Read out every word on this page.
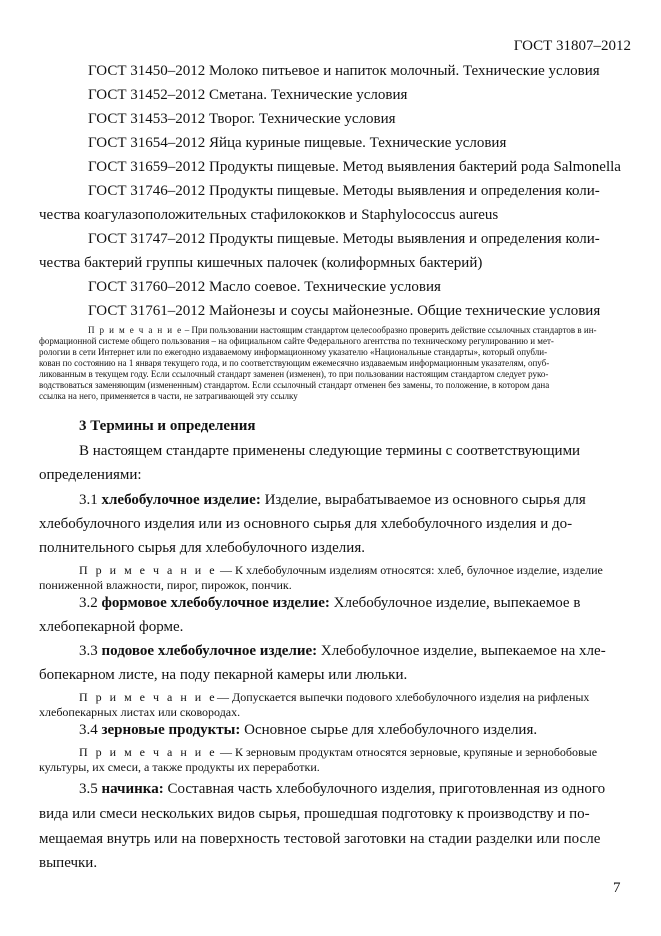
ГОСТ 31807–2012
ГОСТ 31450–2012 Молоко питьевое и напиток молочный. Технические условия
ГОСТ 31452–2012 Сметана. Технические условия
ГОСТ 31453–2012 Творог. Технические условия
ГОСТ 31654–2012 Яйца куриные пищевые. Технические условия
ГОСТ 31659–2012 Продукты пищевые. Метод выявления бактерий рода Salmonella
ГОСТ 31746–2012 Продукты пищевые. Методы выявления и определения коли-
чества коагулазоположительных стафилококков и Staphylococcus aureus
ГОСТ 31747–2012 Продукты пищевые. Методы выявления и определения коли-
чества бактерий группы кишечных палочек (колиформных бактерий)
ГОСТ 31760–2012 Масло соевое. Технические условия
ГОСТ 31761–2012 Майонезы и соусы майонезные. Общие технические условия
П р и м е ч а н и е – При пользовании настоящим стандартом целесообразно проверить действие ссылочных стандартов в ин-
формационной системе общего пользования – на официальном сайте Федерального агентства по техническому регулированию и мет-
рологии в сети Интернет или по ежегодно издаваемому информационному указателю «Национальные стандарты», который опубли-
кован по состоянию на 1 января текущего года, и по соответствующим ежемесячно издаваемым информационным указателям, опуб-
ликованным в текущем году. Если ссылочный стандарт заменен (изменен), то при пользовании настоящим стандартом следует руко-
водствоваться заменяющим (измененным) стандартом. Если ссылочный стандарт отменен без замены, то положение, в котором дана
ссылка на него, применяется в части, не затрагивающей эту ссылку
3 Термины и определения
В настоящем стандарте применены следующие термины с соответствующими
определениями:
3.1 хлебобулочное изделие: Изделие, вырабатываемое из основного сырья для
хлебобулочного изделия или из основного сырья для хлебобулочного изделия и до-
полнительного сырья для хлебобулочного изделия.
П р и м е ч а н и е — К хлебобулочным изделиям относятся: хлеб, булочное изделие, изделие
пониженной влажности, пирог, пирожок, пончик.
3.2 формовое хлебобулочное изделие: Хлебобулочное изделие, выпекаемое в
хлебопекарной форме.
3.3 подовое хлебобулочное изделие: Хлебобулочное изделие, выпекаемое на хле-
бопекарном листе, на поду пекарной камеры или люльки.
П р и м е ч а н и е— Допускается выпечки подового хлебобулочного изделия на рифленых
хлебопекарных листах или сковородах.
3.4 зерновые продукты: Основное сырье для хлебобулочного изделия.
П р и м е ч а н и е — К зерновым продуктам относятся зерновые, крупяные и зернобобовые
культуры, их смеси, а также продукты их переработки.
3.5 начинка: Составная часть хлебобулочного изделия, приготовленная из одного
вида или смеси нескольких видов сырья, прошедшая подготовку к производству и по-
мещаемая внутрь или на поверхность тестовой заготовки на стадии разделки или после
выпечки.
7
